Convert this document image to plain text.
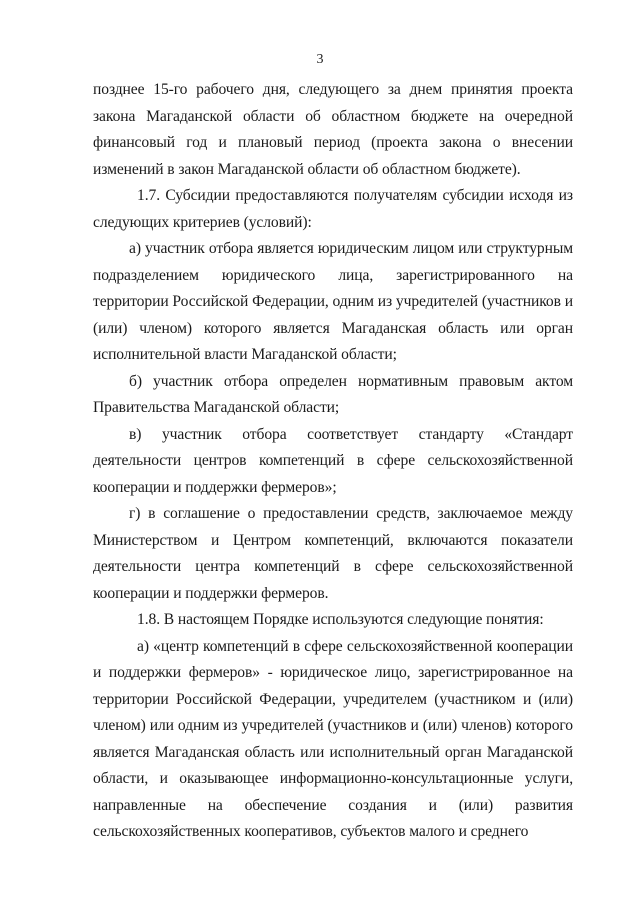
3

позднее 15-го рабочего дня, следующего за днем принятия проекта закона Магаданской области об областном бюджете на очередной финансовый год и плановый период (проекта закона о внесении изменений в закон Магаданской области об областном бюджете).

1.7. Субсидии предоставляются получателям субсидии исходя из следующих критериев (условий):

а) участник отбора является юридическим лицом или структурным подразделением юридического лица, зарегистрированного на территории Российской Федерации, одним из учредителей (участников и (или) членом) которого является Магаданская область или орган исполнительной власти Магаданской области;

б) участник отбора определен нормативным правовым актом Правительства Магаданской области;

в) участник отбора соответствует стандарту «Стандарт деятельности центров компетенций в сфере сельскохозяйственной кооперации и поддержки фермеров»;

г) в соглашение о предоставлении средств, заключаемое между Министерством и Центром компетенций, включаются показатели деятельности центра компетенций в сфере сельскохозяйственной кооперации и поддержки фермеров.

1.8. В настоящем Порядке используются следующие понятия:

а) «центр компетенций в сфере сельскохозяйственной кооперации и поддержки фермеров» - юридическое лицо, зарегистрированное на территории Российской Федерации, учредителем (участником и (или) членом) или одним из учредителей (участников и (или) членов) которого является Магаданская область или исполнительный орган Магаданской области, и оказывающее информационно-консультационные услуги, направленные на обеспечение создания и (или) развития сельскохозяйственных кооперативов, субъектов малого и среднего
